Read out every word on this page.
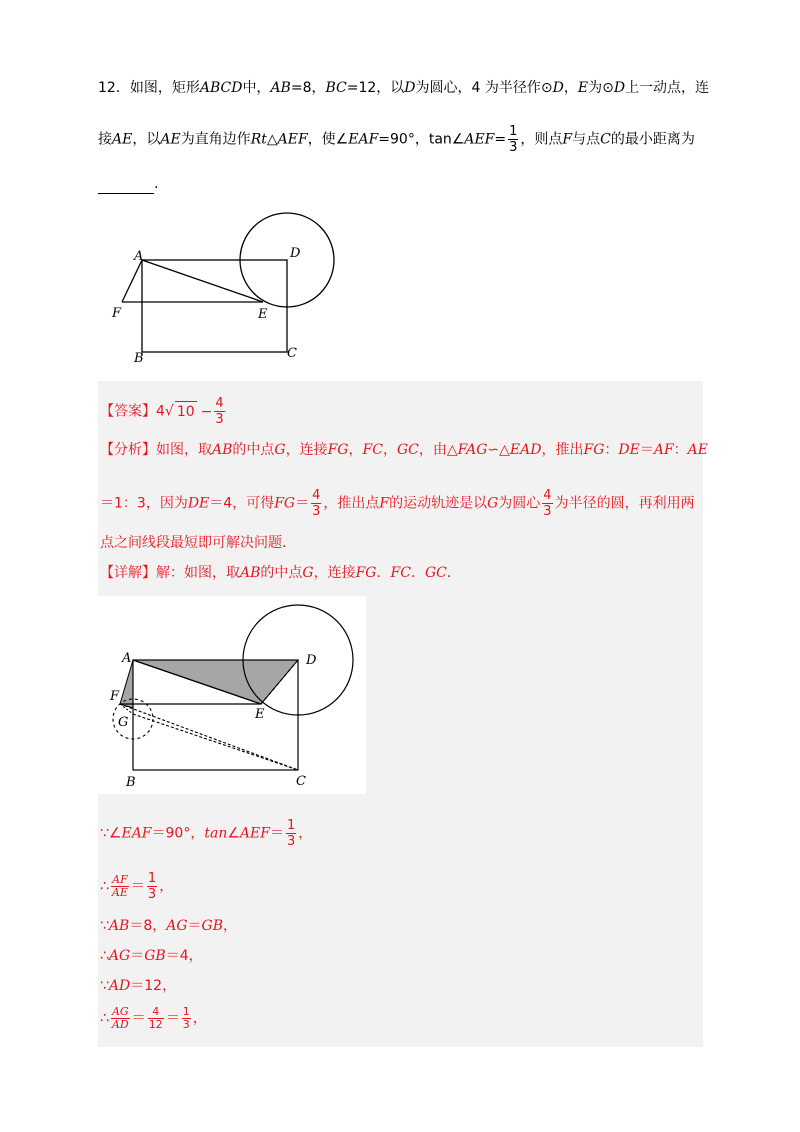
12．如图，矩形ABCD中，AB=8，BC=12，以D为圆心，4 为半径作⊙D，E为⊙D上一动点，连
接AE，以AE为直角边作Rt△AEF，使∠EAF=90°，tan∠AEF= $\frac{1}{3}$ ，则点F与点C的最小距离为
.
A	D
F	E
B	C
【答案】4√ $10 - \frac{4}{3}$
【分析】如图，取AB的中点G，连接FG，FC，GC，由△FAG∽△EAD，推出FG：DE＝AF：AE
＝1：3，因为DE＝4，可得$FG= \frac{4}{3}$ ，推出点F的运动轨迹是以G为圆心 $\frac{4}{3}$ 为半径的圆，再利用两
点之间线段最短即可解决问题.
【详解】解：如图，取AB的中点G，连接FG．FC．GC．
A	D
F
G
E
B	C
∵∠EAF＝90°，tan∠AEF＝ $\frac{1}{3}$ ，
∴ $\frac{AF}{AE} = \frac{1}{3}$ ，
∵AB＝8，AG＝GB，
∴AG＝GB＝4，
∵AD＝12，
∴ $\frac{AG}{AD} = \frac{4}{12} = \frac{1}{3}$ ，
